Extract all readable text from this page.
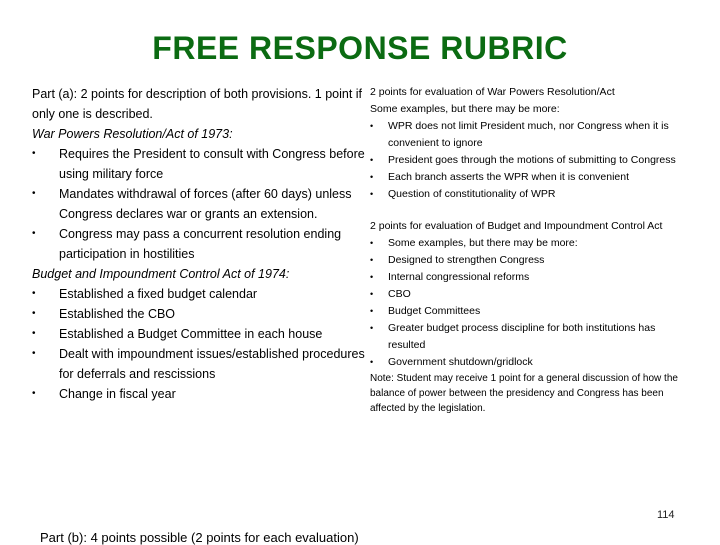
FREE RESPONSE RUBRIC

Part (a): 2 points for description of both provisions. 1 point if only one is described.

War Powers Resolution/Act of 1973:

• Requires the President to consult with Congress before using military force
• Mandates withdrawal of forces (after 60 days) unless Congress declares war or grants an extension.
• Congress may pass a concurrent resolution ending participation in hostilities

Budget and Impoundment Control Act of 1974:

• Established a fixed budget calendar
• Established the CBO
• Established a Budget Committee in each house
• Dealt with impoundment issues/established procedures for deferrals and rescissions
• Change in fiscal year

2 points for evaluation of War Powers Resolution/Act

Some examples, but there may be more:

• WPR does not limit President much, nor Congress when it is convenient to ignore
• President goes through the motions of submitting to Congress
• Each branch asserts the WPR when it is convenient
• Question of constitutionality of WPR

2 points for evaluation of Budget and Impoundment Control Act

• Some examples, but there may be more:
• Designed to strengthen Congress
• Internal congressional reforms
• CBO
• Budget Committees
• Greater budget process discipline for both institutions has resulted
• Government shutdown/gridlock

Note: Student may receive 1 point for a general discussion of how the balance of power between the presidency and Congress has been affected by the legislation.

114
Part (b): 4 points possible (2 points for each evaluation)
